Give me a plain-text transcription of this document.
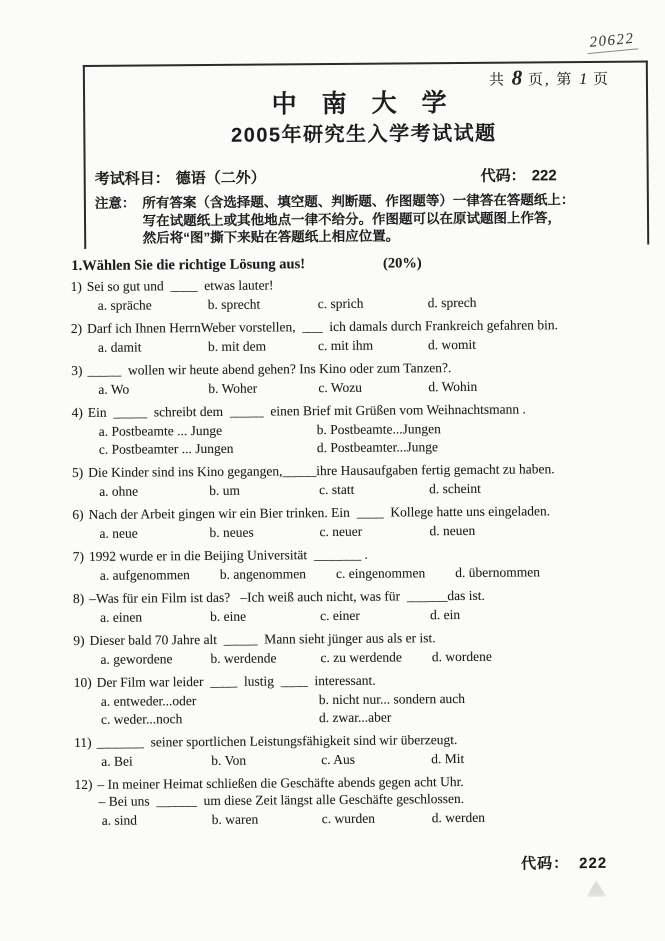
20622
共 8 页, 第 1 页
中 南 大 学
2005年研究生入学考试试题
考试科目： 德语（二外）	代码： 222
注意： 所有答案（含选择题、填空题、判断题、作图题等）一律答在答题纸上：
写在试题纸上或其他地点一律不给分。作图题可以在原试题图上作答，
然后将“图”撕下来贴在答题纸上相应位置。
1.Wählen Sie die richtige Lösung aus!	(20%)
1) Sei so gut und  ____  etwas lauter!
a. spräche	b. sprecht	c. sprich	d. sprech
2) Darf ich Ihnen HerrnWeber vorstellen,  ___  ich damals durch Frankreich gefahren bin.
a. damit	b. mit dem	c. mit ihm	d. womit
3) _____  wollen wir heute abend gehen? Ins Kino oder zum Tanzen?.
a. Wo	b. Woher	c. Wozu	d. Wohin
4) Ein  _____  schreibt dem  _____  einen Brief mit Grüßen vom Weihnachtsmann .
a. Postbeamte ... Junge	b. Postbeamte...Jungen
c. Postbeamter ... Jungen	d. Postbeamter...Junge
5) Die Kinder sind ins Kino gegangen,_____ihre Hausaufgaben fertig gemacht zu haben.
a. ohne	b. um	c. statt	d. scheint
6) Nach der Arbeit gingen wir ein Bier trinken. Ein  ____  Kollege hatte uns eingeladen.
a. neue	b. neues	c. neuer	d. neuen
7) 1992 wurde er in die Beijing Universität  _______ .
a. aufgenommen b. angenommen c. eingenommen d. übernommen
8) –Was für ein Film ist das?   –Ich weiß auch nicht, was für  ______das ist.
a. einen	b. eine	c. einer	d. ein
9) Dieser bald 70 Jahre alt  _____  Mann sieht jünger aus als er ist.
a. gewordene	b. werdende	c. zu werdende d. wordene
10) Der Film war leider  ____  lustig  ____  interessant.
a. entweder...oder	b. nicht nur... sondern auch
c. weder...noch	d. zwar...aber
11) _______  seiner sportlichen Leistungsfähigkeit sind wir überzeugt.
a. Bei	b. Von	c. Aus	d. Mit
12) – In meiner Heimat schließen die Geschäfte abends gegen acht Uhr.
– Bei uns  ______  um diese Zeit längst alle Geschäfte geschlossen.
a. sind	b. waren	c. wurden	d. werden
代码： 222
